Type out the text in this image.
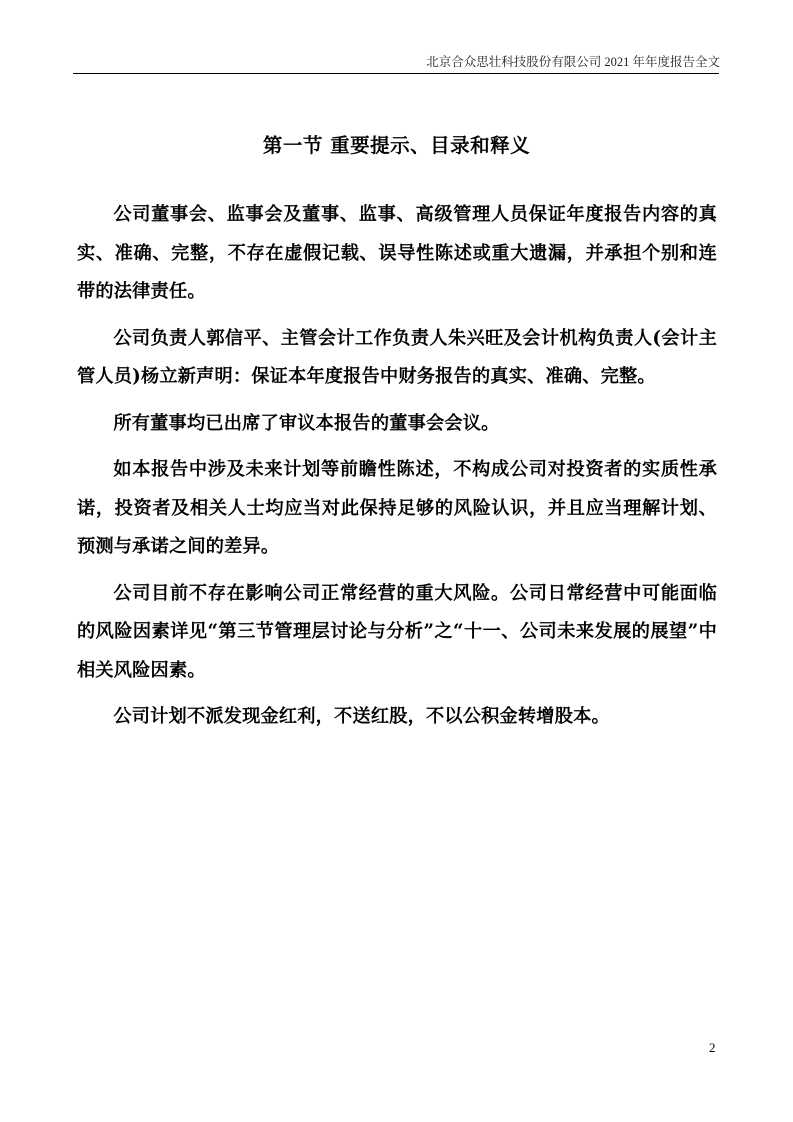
北京合众思壮科技股份有限公司 2021 年年度报告全文
第一节 重要提示、目录和释义

公司董事会、监事会及董事、监事、高级管理人员保证年度报告内容的真实、准确、完整，不存在虚假记载、误导性陈述或重大遗漏，并承担个别和连带的法律责任。

公司负责人郭信平、主管会计工作负责人朱兴旺及会计机构负责人(会计主管人员)杨立新声明：保证本年度报告中财务报告的真实、准确、完整。

所有董事均已出席了审议本报告的董事会会议。

如本报告中涉及未来计划等前瞻性陈述，不构成公司对投资者的实质性承诺，投资者及相关人士均应当对此保持足够的风险认识，并且应当理解计划、预测与承诺之间的差异。

公司目前不存在影响公司正常经营的重大风险。公司日常经营中可能面临的风险因素详见“第三节管理层讨论与分析”之“十一、公司未来发展的展望”中相关风险因素。

公司计划不派发现金红利，不送红股，不以公积金转增股本。

2
